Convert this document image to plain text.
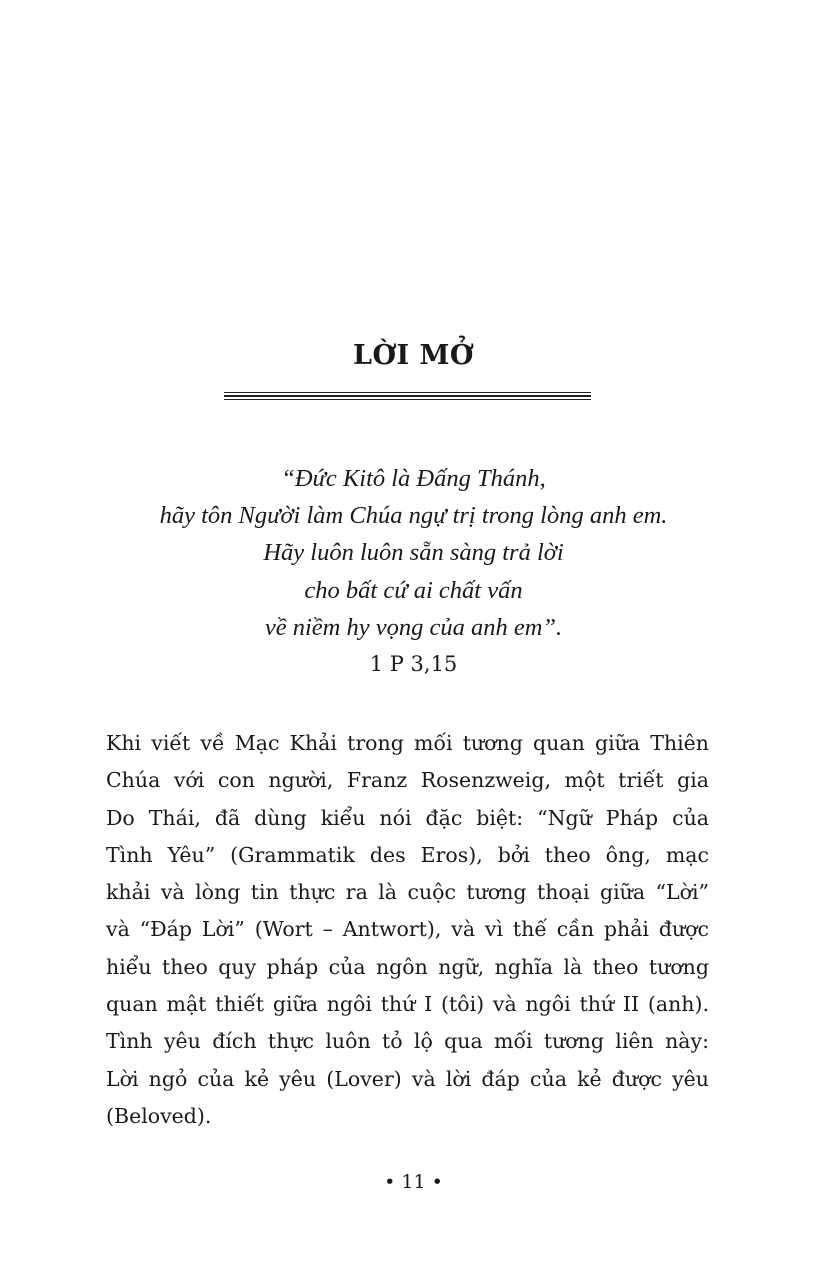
LỜI MỞ
“Đức Kitô là Đấng Thánh,
hãy tôn Người làm Chúa ngự trị trong lòng anh em.
Hãy luôn luôn sẵn sàng trả lời
cho bất cứ ai chất vấn
về niềm hy vọng của anh em”.
1 P 3,15
Khi viết về Mạc Khải trong mối tương quan giữa Thiên
Chúa với con người, Franz Rosenzweig, một triết gia
Do Thái, đã dùng kiểu nói đặc biệt: “Ngữ Pháp của
Tình Yêu” (Grammatik des Eros), bởi theo ông, mạc
khải và lòng tin thực ra là cuộc tương thoại giữa “Lời”
và “Đáp Lời” (Wort – Antwort), và vì thế cần phải được
hiểu theo quy pháp của ngôn ngữ, nghĩa là theo tương
quan mật thiết giữa ngôi thứ I (tôi) và ngôi thứ II (anh).
Tình yêu đích thực luôn tỏ lộ qua mối tương liên này:
Lời ngỏ của kẻ yêu (Lover) và lời đáp của kẻ được yêu
(Beloved).
• 11 •
